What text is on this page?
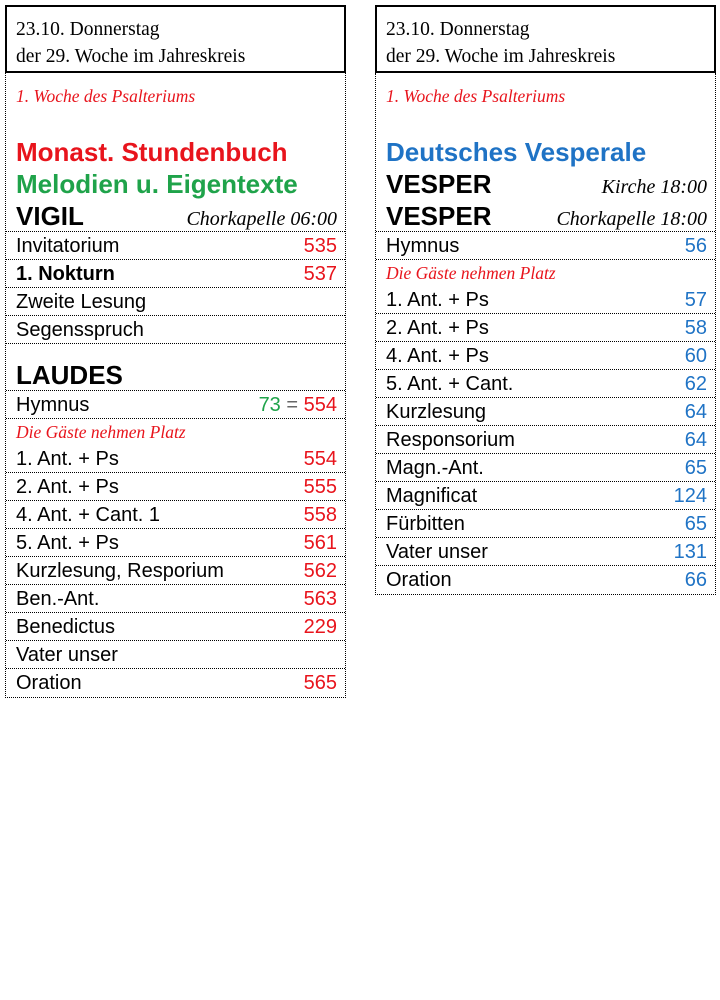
23.10. Donnerstag
der 29. Woche im Jahreskreis
1. Woche des Psalteriums
Monast. Stundenbuch
Melodien u. Eigentexte
VIGIL	Chorkapelle 06:00
Invitatorium	535
1. Nokturn	537
Zweite Lesung
Segensspruch
LAUDES
Hymnus	73 = 554
Die Gäste nehmen Platz
1. Ant. + Ps	554
2. Ant. + Ps	555
4. Ant. + Cant. 1	558
5. Ant. + Ps	561
Kurzlesung, Resporium	562
Ben.-Ant.	563
Benedictus	229
Vater unser
Oration	565
23.10. Donnerstag
der 29. Woche im Jahreskreis
1. Woche des Psalteriums
Deutsches Vesperale
VESPER	Kirche 18:00
VESPER	Chorkapelle 18:00
Hymnus	56
Die Gäste nehmen Platz
1. Ant. + Ps	57
2. Ant. + Ps	58
4. Ant. + Ps	60
5. Ant. + Cant.	62
Kurzlesung	64
Responsorium	64
Magn.-Ant.	65
Magnificat	124
Fürbitten	65
Vater unser	131
Oration	66
